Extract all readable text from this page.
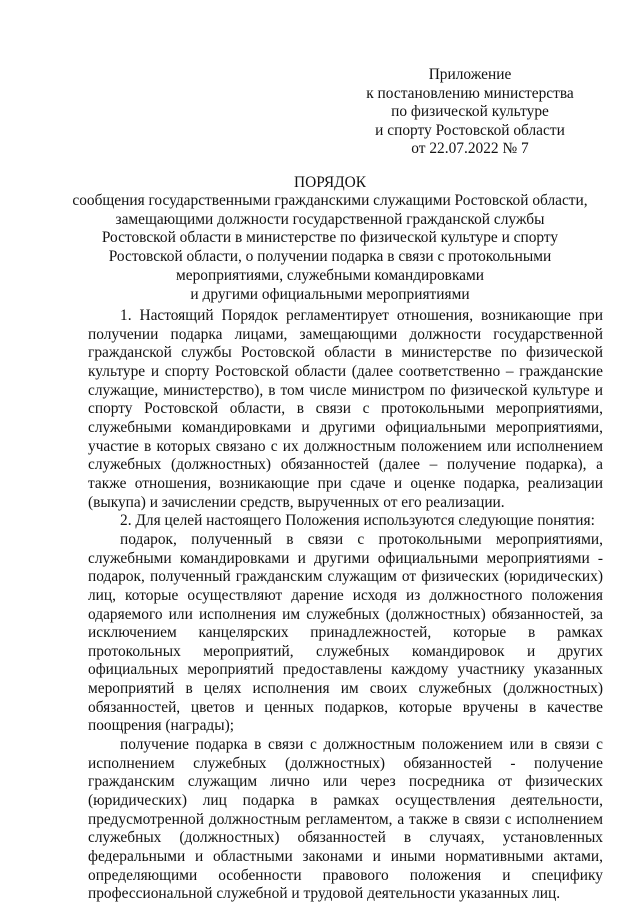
Приложение
к постановлению министерства
по физической культуре
и спорту Ростовской области
от 22.07.2022 № 7
ПОРЯДОК
сообщения государственными гражданскими служащими Ростовской области,
замещающими должности государственной гражданской службы
Ростовской области в министерстве по физической культуре и спорту
Ростовской области, о получении подарка в связи с протокольными
мероприятиями, служебными командировками
и другими официальными мероприятиями

1. Настоящий Порядок регламентирует отношения, возникающие при получении подарка лицами, замещающими должности государственной гражданской службы Ростовской области в министерстве по физической культуре и спорту Ростовской области (далее соответственно – гражданские служащие, министерство), в том числе министром по физической культуре и спорту Ростовской области, в связи с протокольными мероприятиями, служебными командировками и другими официальными мероприятиями, участие в которых связано с их должностным положением или исполнением служебных (должностных) обязанностей (далее – получение подарка), а также отношения, возникающие при сдаче и оценке подарка, реализации (выкупа) и зачислении средств, вырученных от его реализации.

2. Для целей настоящего Положения используются следующие понятия:

подарок, полученный в связи с протокольными мероприятиями, служебными командировками и другими официальными мероприятиями - подарок, полученный гражданским служащим от физических (юридических) лиц, которые осуществляют дарение исходя из должностного положения одаряемого или исполнения им служебных (должностных) обязанностей, за исключением канцелярских принадлежностей, которые в рамках протокольных мероприятий, служебных командировок и других официальных мероприятий предоставлены каждому участнику указанных мероприятий в целях исполнения им своих служебных (должностных) обязанностей, цветов и ценных подарков, которые вручены в качестве поощрения (награды);

получение подарка в связи с должностным положением или в связи с исполнением служебных (должностных) обязанностей - получение гражданским служащим лично или через посредника от физических (юридических) лиц подарка в рамках осуществления деятельности, предусмотренной должностным регламентом, а также в связи с исполнением служебных (должностных) обязанностей в случаях, установленных федеральными и областными законами и иными нормативными актами, определяющими особенности правового положения и специфику профессиональной служебной и трудовой деятельности указанных лиц.
